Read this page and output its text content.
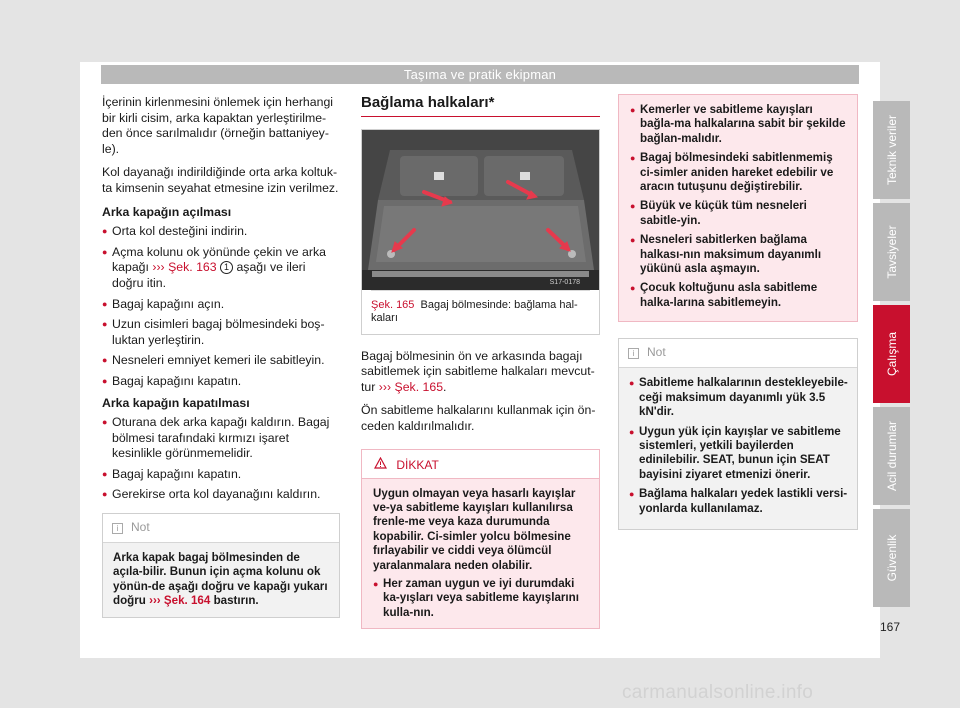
Taşıma ve pratik ekipman

İçerinin kirlenmesini önlemek için herhangi bir kirli cisim, arka kapaktan yerleştirilme-den önce sarılmalıdır (örneğin battaniyey-le).

Kol dayanağı indirildiğinde orta arka koltuk-ta kimsenin seyahat etmesine izin verilmez.

Arka kapağın açılması
● Orta kol desteğini indirin.
● Açma kolunu ok yönünde çekin ve arka kapağı ››› Şek. 163 1 aşağı ve ileri doğru itin.
● Bagaj kapağını açın.
● Uzun cisimleri bagaj bölmesindeki boş-luktan yerleştirin.
● Nesneleri emniyet kemeri ile sabitleyin.
● Bagaj kapağını kapatın.
Arka kapağın kapatılması
● Oturana dek arka kapağı kaldırın. Bagaj bölmesi tarafındaki kırmızı işaret kesinlikle görünmemelidir.
● Bagaj kapağını kapatın.
● Gerekirse orta kol dayanağını kaldırın.
i Not
Arka kapak bagaj bölmesinden de açıla-bilir. Bunun için açma kolunu ok yönün-de aşağı doğru ve kapağı yukarı doğru ››› Şek. 164 bastırın.
Bağlama halkaları*
S17-0178
Şek. 165 Bagaj bölmesinde: bağlama hal-kaları

Bagaj bölmesinin ön ve arkasında bagajı sabitlemek için sabitleme halkaları mevcut-tur ››› Şek. 165.

Ön sabitleme halkalarını kullanmak için ön-ceden kaldırılmalıdır.

DİKKAT

Uygun olmayan veya hasarlı kayışlar ve-ya sabitleme kayışları kullanılırsa frenle-me veya kaza durumunda kopabilir. Ci-simler yolcu bölmesine fırlayabilir ve ciddi veya ölümcül yaralanmalara neden olabilir.

● Her zaman uygun ve iyi durumdaki ka-yışları veya sabitleme kayışlarını kulla-nın.
● Kemerler ve sabitleme kayışları bağla-ma halkalarına sabit bir şekilde bağlan-malıdır.
● Bagaj bölmesindeki sabitlenmemiş ci-simler aniden hareket edebilir ve aracın tutuşunu değiştirebilir.
● Büyük ve küçük tüm nesneleri sabitle-yin.
● Nesneleri sabitlerken bağlama halkası-nın maksimum dayanımlı yükünü asla aşmayın.
● Çocuk koltuğunu asla sabitleme halka-larına sabitlemeyin.
i Not
● Sabitleme halkalarının destekleyebile-ceği maksimum dayanımlı yük 3.5 kN'dir.
● Uygun yük için kayışlar ve sabitleme sistemleri, yetkili bayilerden edinilebilir. SEAT, bunun için SEAT bayisini ziyaret etmenizi önerir.
● Bağlama halkaları yedek lastikli versi-yonlarda kullanılamaz.
Teknik veriler
Tavsiyeler
Çalışma
Acil durumlar
Güvenlik
167
carmanualsonline.info
